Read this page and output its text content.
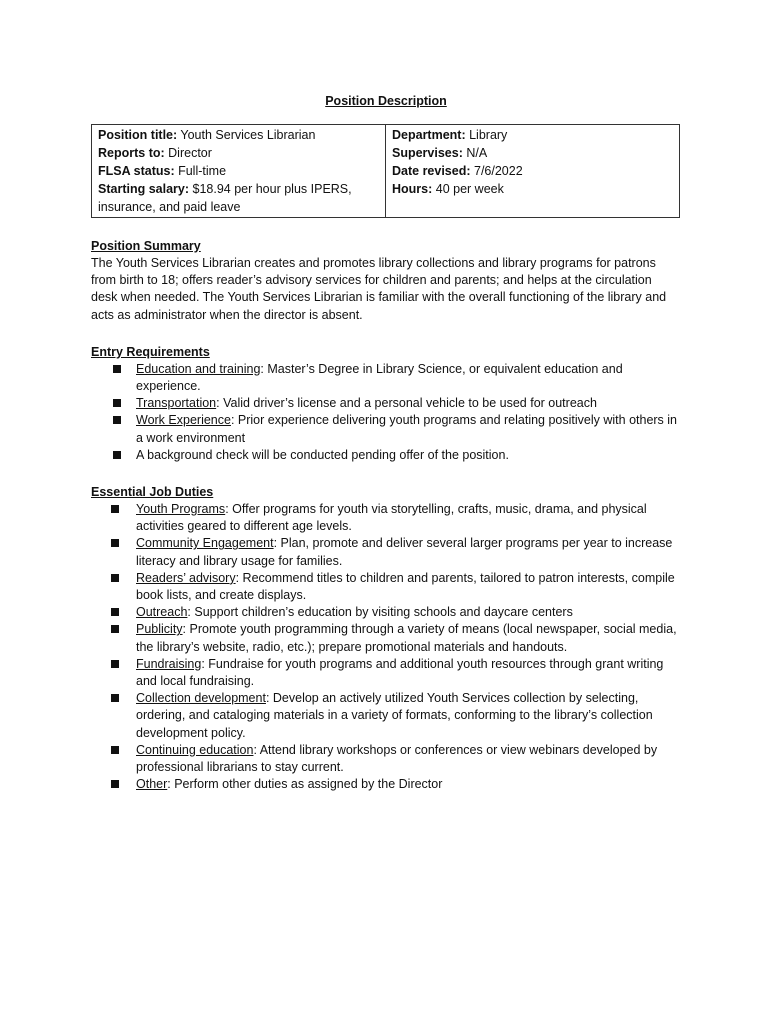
Position Description
Position title: Youth Services Librarian
Reports to: Director
FLSA status: Full-time
Starting salary: $18.94 per hour plus IPERS, insurance, and paid leave

Department: Library
Supervises: N/A
Date revised: 7/6/2022
Hours: 40 per week
Position Summary
The Youth Services Librarian creates and promotes library collections and library programs for patrons from birth to 18; offers reader’s advisory services for children and parents; and helps at the circulation desk when needed. The Youth Services Librarian is familiar with the overall functioning of the library and acts as administrator when the director is absent.
Entry Requirements
Education and training: Master’s Degree in Library Science, or equivalent education and experience.
Transportation: Valid driver’s license and a personal vehicle to be used for outreach
Work Experience: Prior experience delivering youth programs and relating positively with others in a work environment
A background check will be conducted pending offer of the position.
Essential Job Duties
Youth Programs: Offer programs for youth via storytelling, crafts, music, drama, and physical activities geared to different age levels.
Community Engagement: Plan, promote and deliver several larger programs per year to increase literacy and library usage for families.
Readers’ advisory: Recommend titles to children and parents, tailored to patron interests, compile book lists, and create displays.
Outreach: Support children’s education by visiting schools and daycare centers
Publicity: Promote youth programming through a variety of means (local newspaper, social media, the library’s website, radio, etc.); prepare promotional materials and handouts.
Fundraising: Fundraise for youth programs and additional youth resources through grant writing and local fundraising.
Collection development: Develop an actively utilized Youth Services collection by selecting, ordering, and cataloging materials in a variety of formats, conforming to the library’s collection development policy.
Continuing education: Attend library workshops or conferences or view webinars developed by professional librarians to stay current.
Other: Perform other duties as assigned by the Director
